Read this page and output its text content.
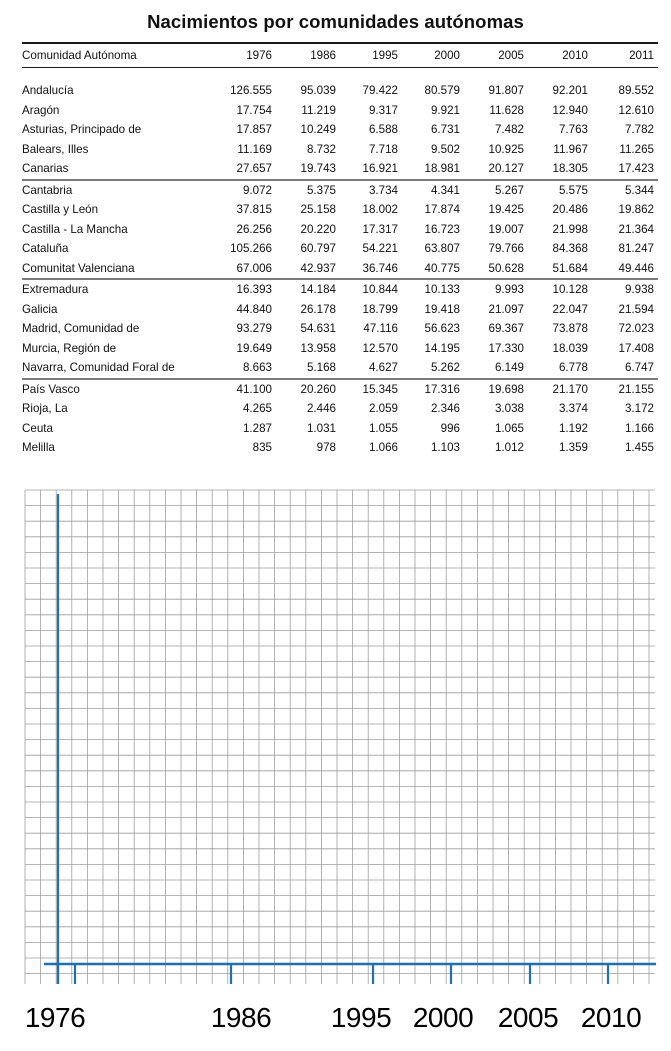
Nacimientos por comunidades autónomas
Comunidad Autónoma	1976	1986	1995	2000	2005	2010	2011

Andalucía	126.555	95.039	79.422	80.579	91.807	92.201	89.552
Aragón	17.754	11.219	9.317	9.921	11.628	12.940	12.610
Asturias, Principado de	17.857	10.249	6.588	6.731	7.482	7.763	7.782
Balears, Illes	11.169	8.732	7.718	9.502	10.925	11.967	11.265
Canarias	27.657	19.743	16.921	18.981	20.127	18.305	17.423
Cantabria	9.072	5.375	3.734	4.341	5.267	5.575	5.344
Castilla y León	37.815	25.158	18.002	17.874	19.425	20.486	19.862
Castilla - La Mancha	26.256	20.220	17.317	16.723	19.007	21.998	21.364
Cataluña	105.266	60.797	54.221	63.807	79.766	84.368	81.247
Comunitat Valenciana	67.006	42.937	36.746	40.775	50.628	51.684	49.446
Extremadura	16.393	14.184	10.844	10.133	9.993	10.128	9.938
Galicia	44.840	26.178	18.799	19.418	21.097	22.047	21.594
Madrid, Comunidad de	93.279	54.631	47.116	56.623	69.367	73.878	72.023
Murcia, Región de	19.649	13.958	12.570	14.195	17.330	18.039	17.408
Navarra, Comunidad Foral de	8.663	5.168	4.627	5.262	6.149	6.778	6.747
País Vasco	41.100	20.260	15.345	17.316	19.698	21.170	21.155
Rioja, La	4.265	2.446	2.059	2.346	3.038	3.374	3.172
Ceuta	1.287	1.031	1.055	996	1.065	1.192	1.166
Melilla	835	978	1.066	1.103	1.012	1.359	1.455
1976	1986 1995 2000 2005 2010
